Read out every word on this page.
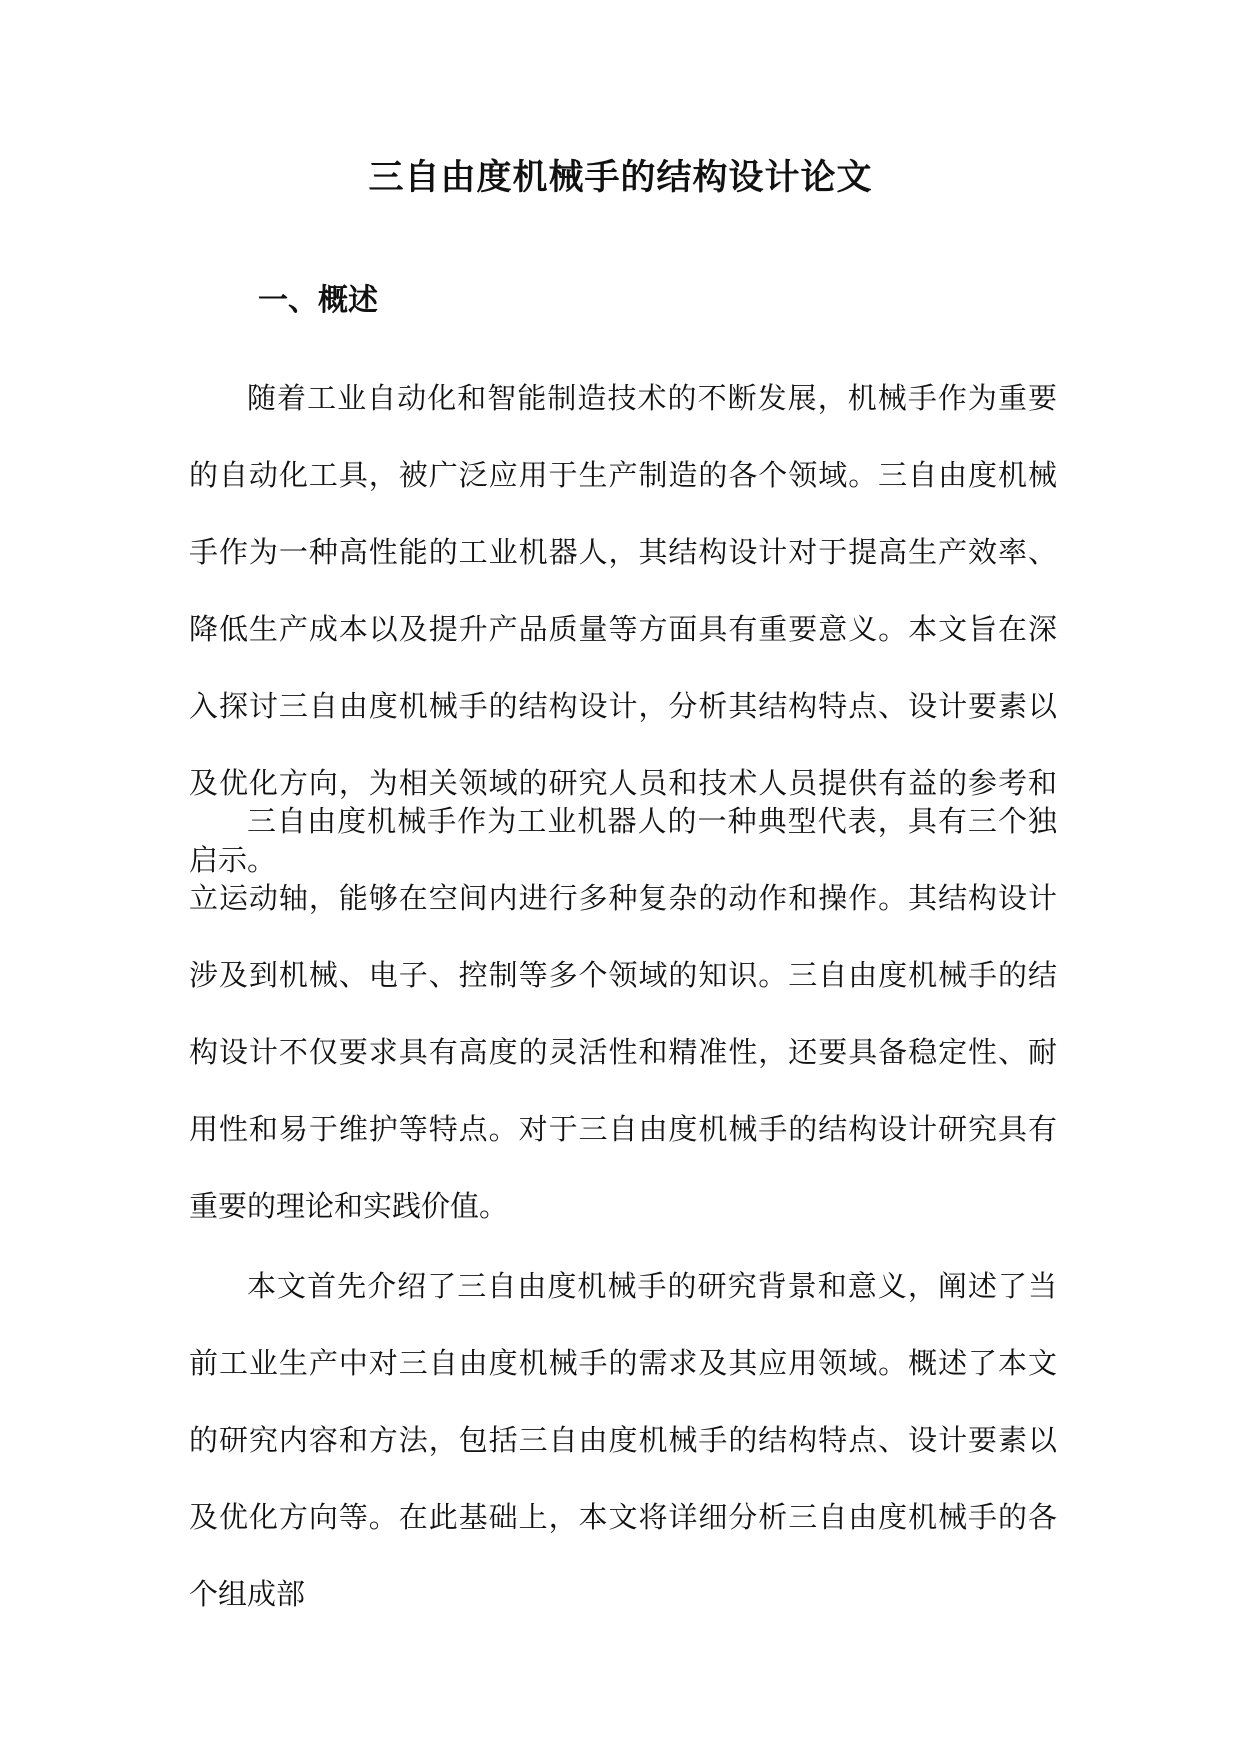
三自由度机械手的结构设计论文
一、概述

随着工业自动化和智能制造技术的不断发展，机械手作为重要的自动化工具，被广泛应用于生产制造的各个领域。三自由度机械手作为一种高性能的工业机器人，其结构设计对于提高生产效率、降低生产成本以及提升产品质量等方面具有重要意义。本文旨在深入探讨三自由度机械手的结构设计，分析其结构特点、设计要素以及优化方向，为相关领域的研究人员和技术人员提供有益的参考和启示。

三自由度机械手作为工业机器人的一种典型代表，具有三个独立运动轴，能够在空间内进行多种复杂的动作和操作。其结构设计涉及到机械、电子、控制等多个领域的知识。三自由度机械手的结构设计不仅要求具有高度的灵活性和精准性，还要具备稳定性、耐用性和易于维护等特点。对于三自由度机械手的结构设计研究具有重要的理论和实践价值。

本文首先介绍了三自由度机械手的研究背景和意义，阐述了当前工业生产中对三自由度机械手的需求及其应用领域。概述了本文的研究内容和方法，包括三自由度机械手的结构特点、设计要素以及优化方向等。在此基础上，本文将详细分析三自由度机械手的各个组成部
